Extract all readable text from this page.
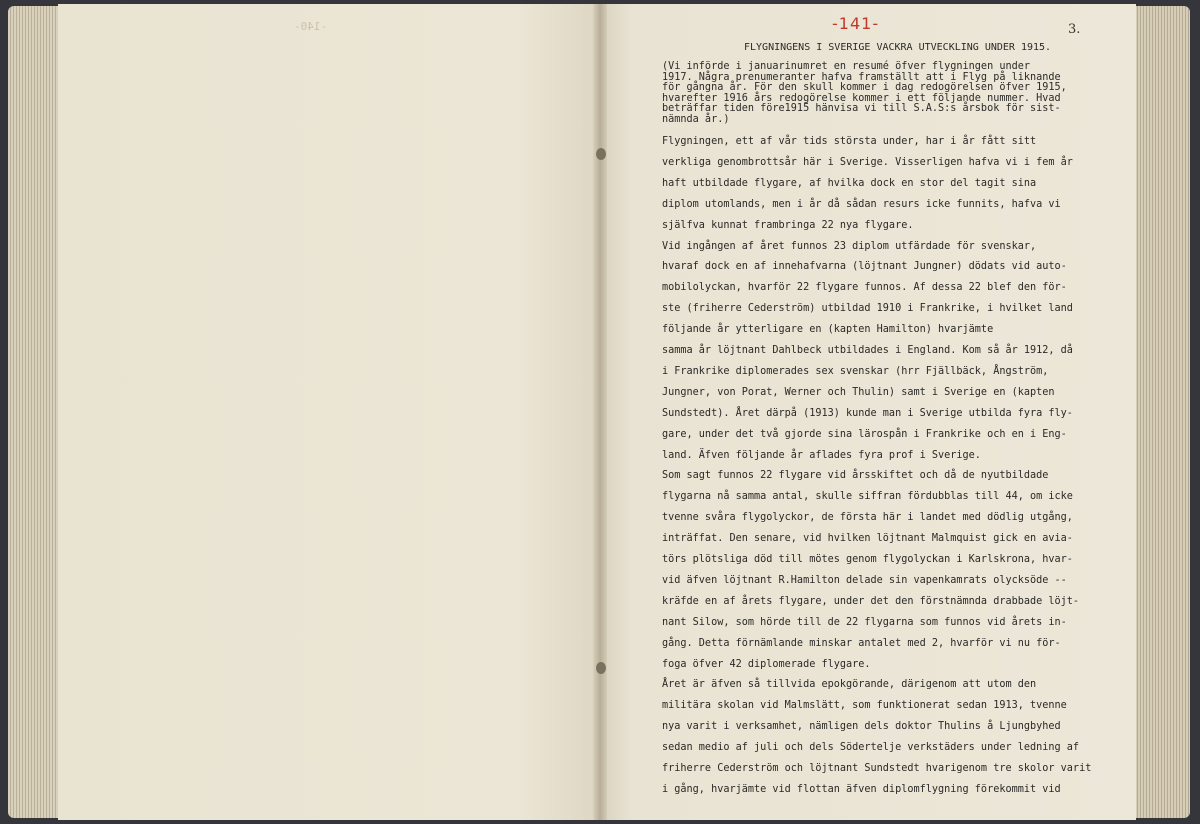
-140-	-141-	3.
FLYGNINGENS I SVERIGE VACKRA UTVECKLING UNDER 1915.
(Vi införde i januarinumret en resumé öfver flygningen under
1917. Några prenumeranter hafva framställt att i Flyg på liknande
för gångna år. För den skull kommer i dag redogörelsen öfver 1915,
hvarefter 1916 års redogörelse kommer i ett följande nummer. Hvad
beträffar tiden före1915 hänvisa vi till S.A.S:s årsbok för sist-
nämnda år.)
Flygningen, ett af vår tids största under, har i år fått sitt
verkliga genombrottsår här i Sverige. Visserligen hafva vi i fem år
haft utbildade flygare, af hvilka dock en stor del tagit sina
diplom utomlands, men i år då sådan resurs icke funnits, hafva vi
själfva kunnat frambringa 22 nya flygare.
Vid ingången af året funnos 23 diplom utfärdade för svenskar,
hvaraf dock en af innehafvarna (löjtnant Jungner) dödats vid auto-
mobilolyckan, hvarför 22 flygare funnos. Af dessa 22 blef den för-
ste (friherre Cederström) utbildad 1910 i Frankrike, i hvilket land
följande år ytterligare en (kapten Hamilton) hvarjämte
samma år löjtnant Dahlbeck utbildades i England. Kom så år 1912, då
i Frankrike diplomerades sex svenskar (hrr Fjällbäck, Ångström,
Jungner, von Porat, Werner och Thulin) samt i Sverige en (kapten
Sundstedt). Året därpå (1913) kunde man i Sverige utbilda fyra fly-
gare, under det två gjorde sina lärospån i Frankrike och en i Eng-
land. Äfven följande år aflades fyra prof i Sverige.
Som sagt funnos 22 flygare vid årsskiftet och då de nyutbildade
flygarna nå samma antal, skulle siffran fördubblas till 44, om icke
tvenne svåra flygolyckor, de första här i landet med dödlig utgång,
inträffat. Den senare, vid hvilken löjtnant Malmquist gick en avia-
törs plötsliga död till mötes genom flygolyckan i Karlskrona, hvar-
vid äfven löjtnant R.Hamilton delade sin vapenkamrats olycksöde --
kräfde en af årets flygare, under det den förstnämnda drabbade löjt-
nant Silow, som hörde till de 22 flygarna som funnos vid årets in-
gång. Detta förnämlande minskar antalet med 2, hvarför vi nu för-
foga öfver 42 diplomerade flygare.
Året är äfven så tillvida epokgörande, därigenom att utom den
militära skolan vid Malmslätt, som funktionerat sedan 1913, tvenne
nya varit i verksamhet, nämligen dels doktor Thulins å Ljungbyhed
sedan medio af juli och dels Södertelje verkstäders under ledning af
friherre Cederström och löjtnant Sundstedt hvarigenom tre skolor varit
i gång, hvarjämte vid flottan äfven diplomflygning förekommit vid
